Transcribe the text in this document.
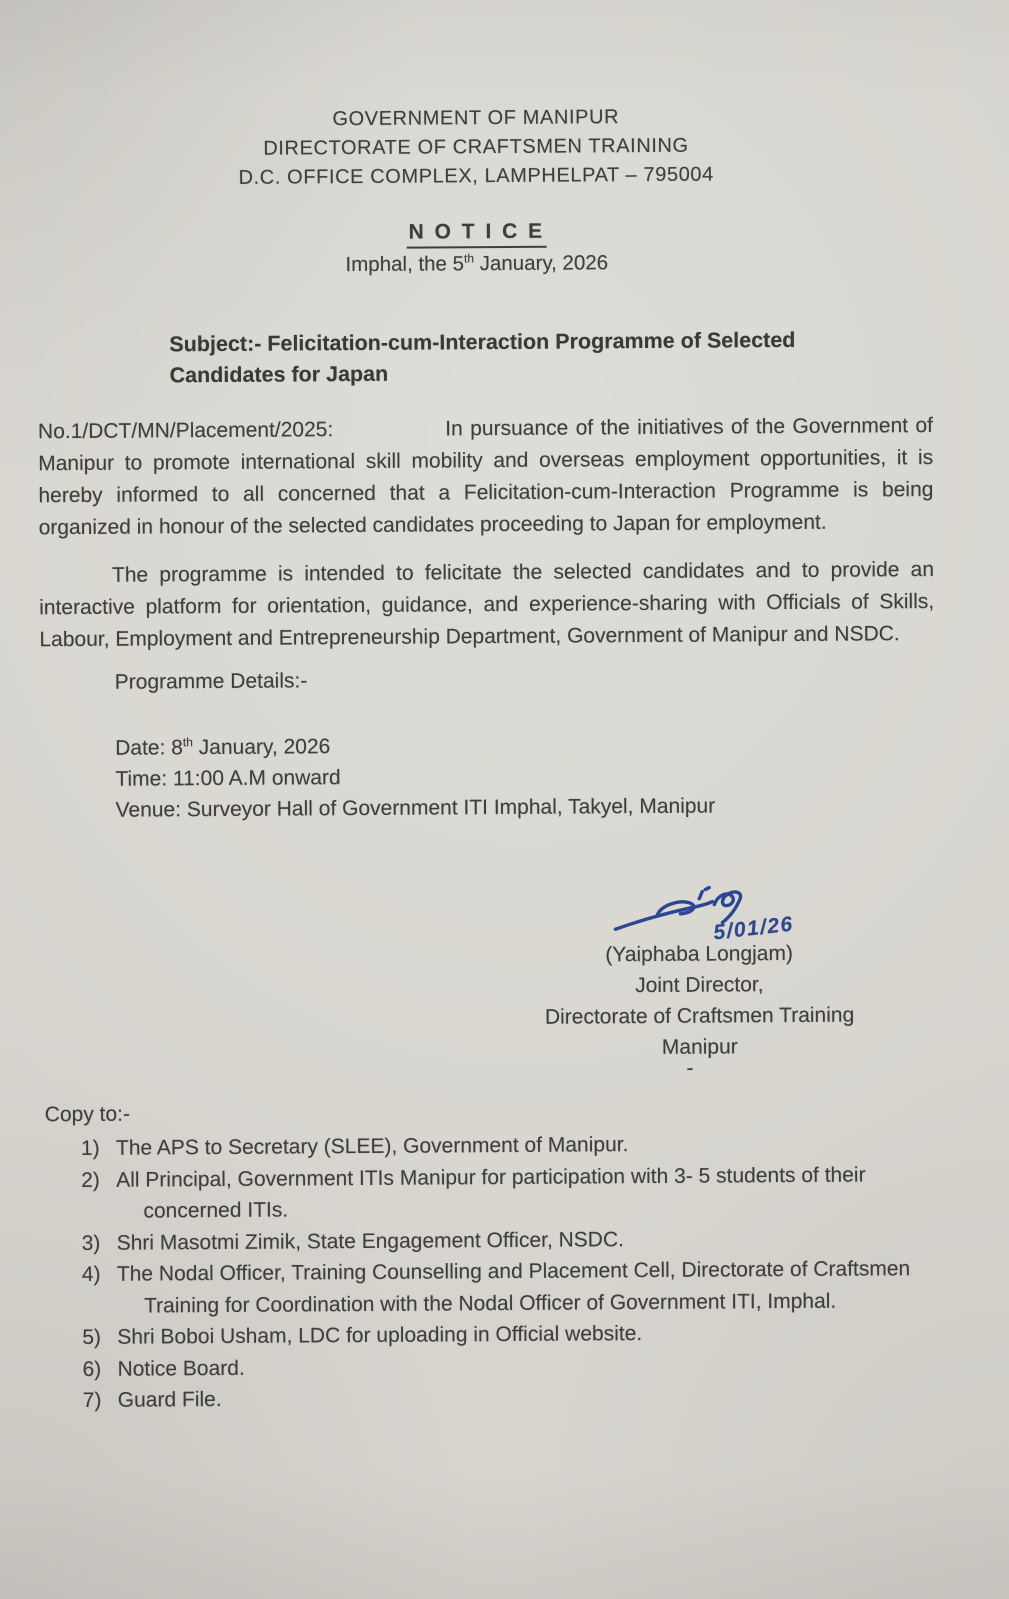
GOVERNMENT OF MANIPUR
DIRECTORATE OF CRAFTSMEN TRAINING
D.C. OFFICE COMPLEX, LAMPHELPAT – 795004
N O T I C E
Imphal, the 5th January, 2026
Subject:- Felicitation-cum-Interaction Programme of Selected
Candidates for Japan

No.1/DCT/MN/Placement/2025:	In pursuance of the initiatives of the Government of Manipur to promote international skill mobility and overseas employment opportunities, it is hereby informed to all concerned that a Felicitation-cum-Interaction Programme is being organized in honour of the selected candidates proceeding to Japan for employment.

The programme is intended to felicitate the selected candidates and to provide an interactive platform for orientation, guidance, and experience-sharing with Officials of Skills, Labour, Employment and Entrepreneurship Department, Government of Manipur and NSDC.

Programme Details:-
Date: 8th January, 2026
Time: 11:00 A.M onward
Venue: Surveyor Hall of Government ITI Imphal, Takyel, Manipur
5/01/26
(Yaiphaba Longjam)
Joint Director,
Directorate of Craftsmen Training
Manipur
-
Copy to:-
1) The APS to Secretary (SLEE), Government of Manipur.
2) All Principal, Government ITIs Manipur for participation with 3- 5 students of their concerned ITIs.
3) Shri Masotmi Zimik, State Engagement Officer, NSDC.
4) The Nodal Officer, Training Counselling and Placement Cell, Directorate of Craftsmen Training for Coordination with the Nodal Officer of Government ITI, Imphal.
5) Shri Boboi Usham, LDC for uploading in Official website.
6) Notice Board.
7) Guard File.
